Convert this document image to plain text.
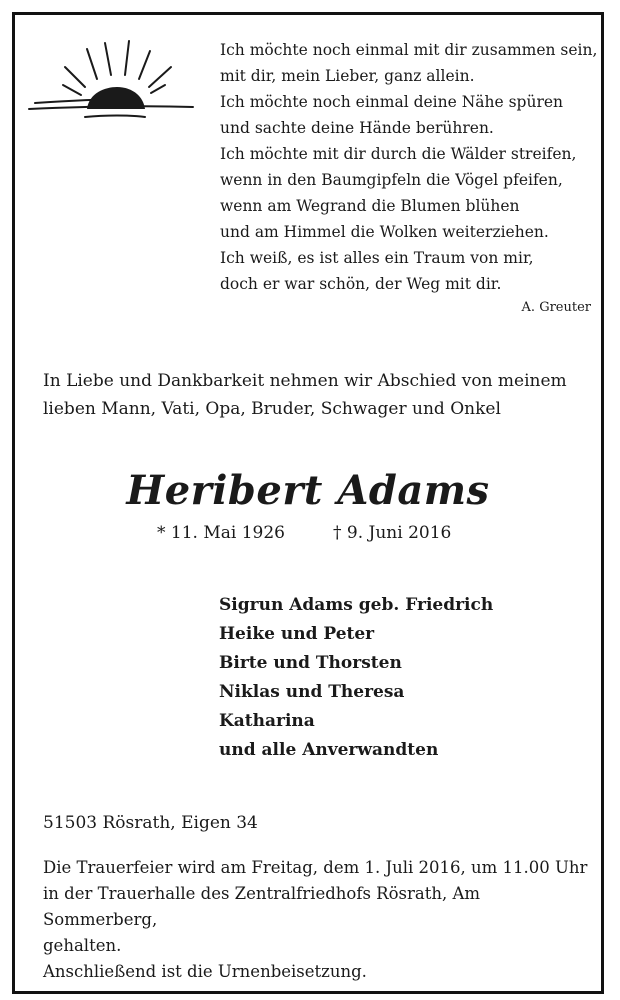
Ich möchte noch einmal mit dir zusammen sein,
mit dir, mein Lieber, ganz allein.
Ich möchte noch einmal deine Nähe spüren
und sachte deine Hände berühren.
Ich möchte mit dir durch die Wälder streifen,
wenn in den Baumgipfeln die Vögel pfeifen,
wenn am Wegrand die Blumen blühen
und am Himmel die Wolken weiterziehen.
Ich weiß, es ist alles ein Traum von mir,
doch er war schön, der Weg mit dir.
A. Greuter
In Liebe und Dankbarkeit nehmen wir Abschied von meinem
lieben Mann, Vati, Opa, Bruder, Schwager und Onkel
Heribert Adams
* 11. Mai 1926	† 9. Juni 2016
Sigrun Adams geb. Friedrich
Heike und Peter
Birte und Thorsten
Niklas und Theresa
Katharina
und alle Anverwandten
51503 Rösrath, Eigen 34
Die Trauerfeier wird am Freitag, dem 1. Juli 2016, um 11.00 Uhr
in der Trauerhalle des Zentralfriedhofs Rösrath, Am Sommerberg,
gehalten.
Anschließend ist die Urnenbeisetzung.
